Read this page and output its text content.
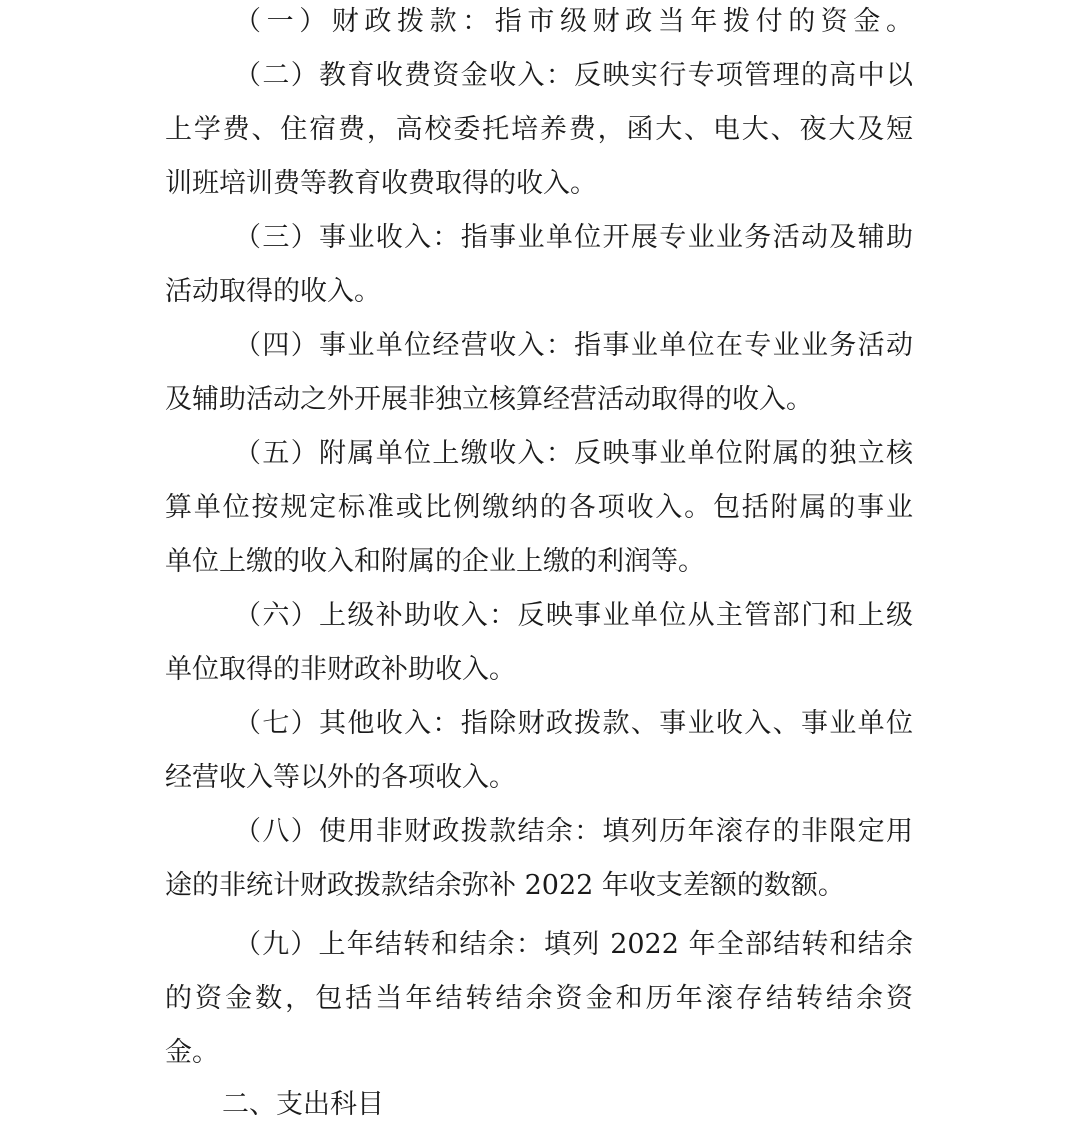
（一）财政拨款：指市级财政当年拨付的资金。
（二）教育收费资金收入：反映实行专项管理的高中以
上学费、住宿费，高校委托培养费，函大、电大、夜大及短
训班培训费等教育收费取得的收入。
（三）事业收入：指事业单位开展专业业务活动及辅助
活动取得的收入。
（四）事业单位经营收入：指事业单位在专业业务活动
及辅助活动之外开展非独立核算经营活动取得的收入。
（五）附属单位上缴收入：反映事业单位附属的独立核
算单位按规定标准或比例缴纳的各项收入。包括附属的事业
单位上缴的收入和附属的企业上缴的利润等。
（六）上级补助收入：反映事业单位从主管部门和上级
单位取得的非财政补助收入。
（七）其他收入：指除财政拨款、事业收入、事业单位
经营收入等以外的各项收入。
（八）使用非财政拨款结余：填列历年滚存的非限定用
途的非统计财政拨款结余弥补 2022 年收支差额的数额。
（九）上年结转和结余：填列 2022 年全部结转和结余
的资金数，包括当年结转结余资金和历年滚存结转结余资
金。
二、支出科目
